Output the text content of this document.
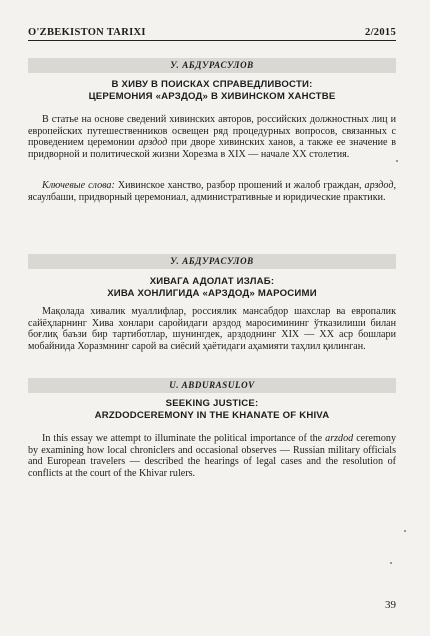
O'ZBEKISTON TARIXI	2/2015
У. АБДУРАСУЛОВ
В ХИВУ В ПОИСКАХ СПРАВЕДЛИВОСТИ:
ЦЕРЕМОНИЯ «АРЗДОД» В ХИВИНСКОМ ХАНСТВЕ

В статье на основе сведений хивинских авторов, российских должностных лиц и европейских путешественников освещен ряд процедурных вопросов, связанных с проведением церемонии арздод при дворе хивинских ханов, а также ее значение в придворной и политической жизни Хорезма в XIX — начале XX столетия.

Ключевые слова: Хивинское ханство, разбор прошений и жалоб граждан, арздод, ясаулбаши, придворный церемониал, административные и юридические практики.

У. АБДУРАСУЛОВ
ХИВАГА АДОЛАТ ИЗЛАБ:
ХИВА ХОНЛИГИДА «АРЗДОД» МАРОСИМИ

Мақолада хивалик муаллифлар, россиялик мансабдор шахслар ва европалик сайёҳларнинг Хива хонлари саройидаги арздод маросимининг ўтказилиши билан боғлиқ баъзи бир тартиботлар, шунингдек, арздоднинг XIX — XX аср бошлари мобайнида Хоразмнинг сарой ва сиёсий ҳаётидаги аҳамияти таҳлил қилинган.

U. ABDURASULOV
SEEKING JUSTICE:
ARZDODCEREMONY IN THE KHANATE OF KHIVA

In this essay we attempt to illuminate the political importance of the arzdod ceremony by examining how local chroniclers and occasional observes — Russian military officials and European travelers — described the hearings of legal cases and the resolution of conflicts at the court of the Khivar rulers.

39
